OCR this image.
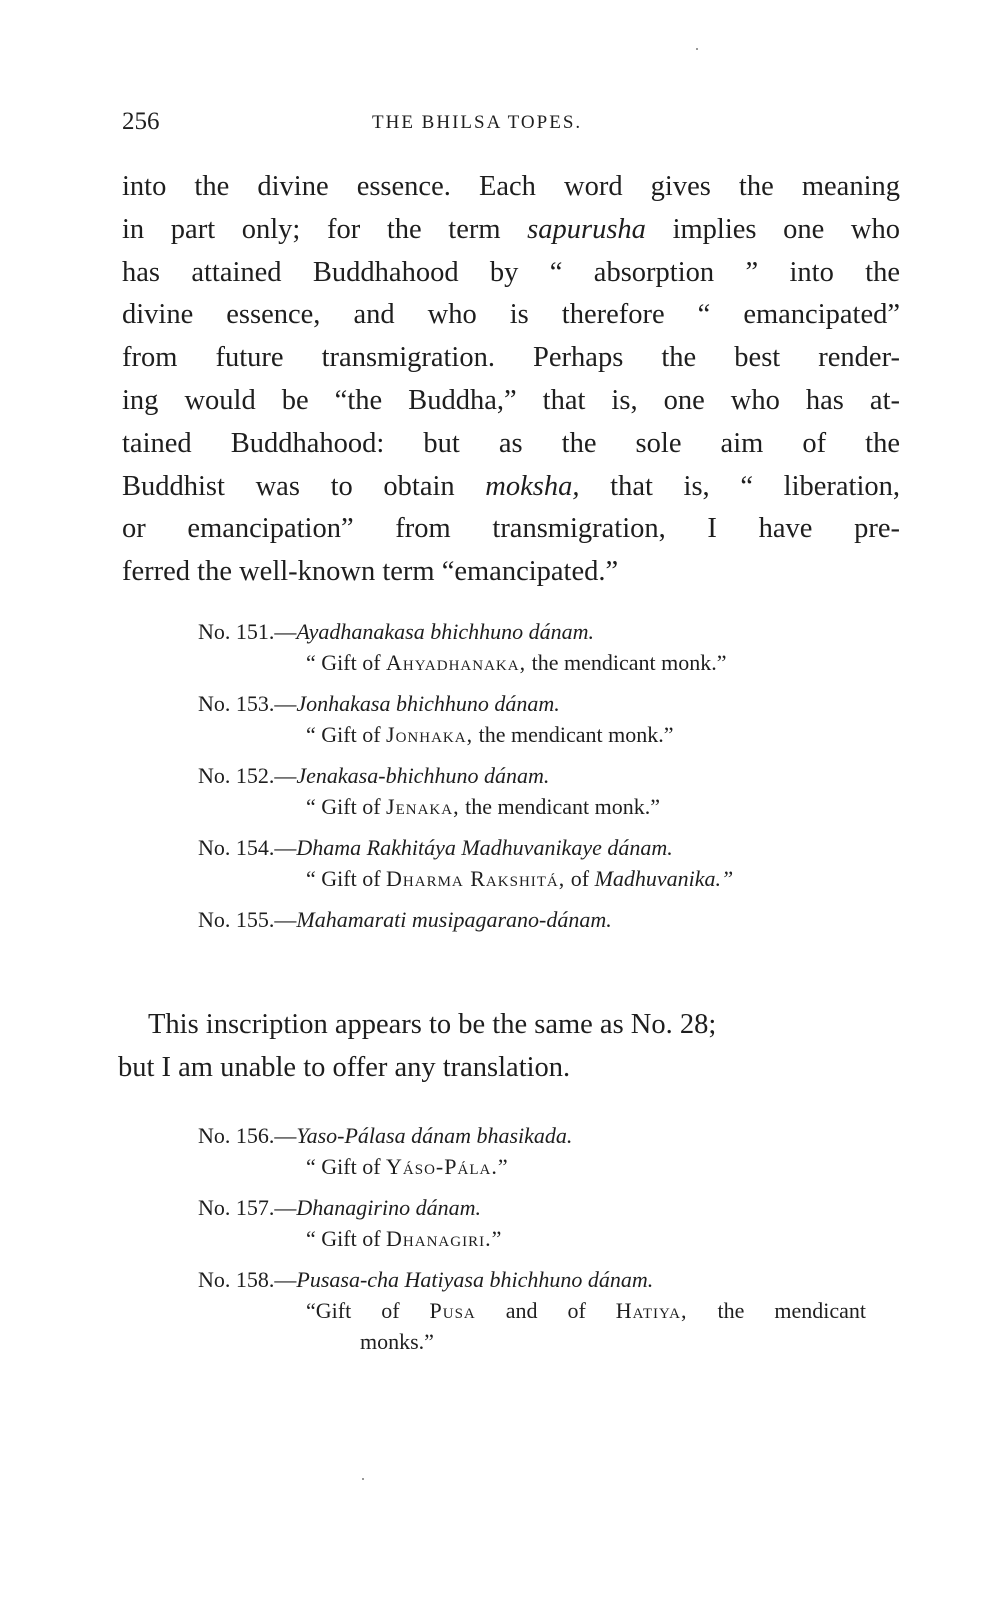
256	THE BHILSA TOPES.
into the divine essence. Each word gives the meaning
in part only; for the term sapurusha implies one who
has attained Buddhahood by “ absorption ” into the
divine essence, and who is therefore “ emancipated”
from future transmigration. Perhaps the best render-
ing would be “the Buddha,” that is, one who has at-
tained Buddhahood: but as the sole aim of the
Buddhist was to obtain moksha, that is, “ liberation,
or emancipation” from transmigration, I have pre-
ferred the well-known term “emancipated.”
No. 151.—Ayadhanakasa bhichhuno dánam.
“ Gift of Ahyadhanaka, the mendicant monk.”
No. 153.—Jonhakasa bhichhuno dánam.
“ Gift of Jonhaka, the mendicant monk.”
No. 152.—Jenakasa-bhichhuno dánam.
“ Gift of Jenaka, the mendicant monk.”
No. 154.—Dhama Rakhitáya Madhuvanikaye dánam.
“ Gift of Dharma Rakshitá, of Madhuvanika.”
No. 155.—Mahamarati musipagarano-dánam.
This inscription appears to be the same as No. 28;
but I am unable to offer any translation.
No. 156.—Yaso-Pálasa dánam bhasikada.
“ Gift of Yáso-Pála.”
No. 157.—Dhanagirino dánam.
“ Gift of Dhanagiri.”
No. 158.—Pusasa-cha Hatiyasa bhichhuno dánam.
“Gift of Pusa and of Hatiya, the mendicant
monks.”
